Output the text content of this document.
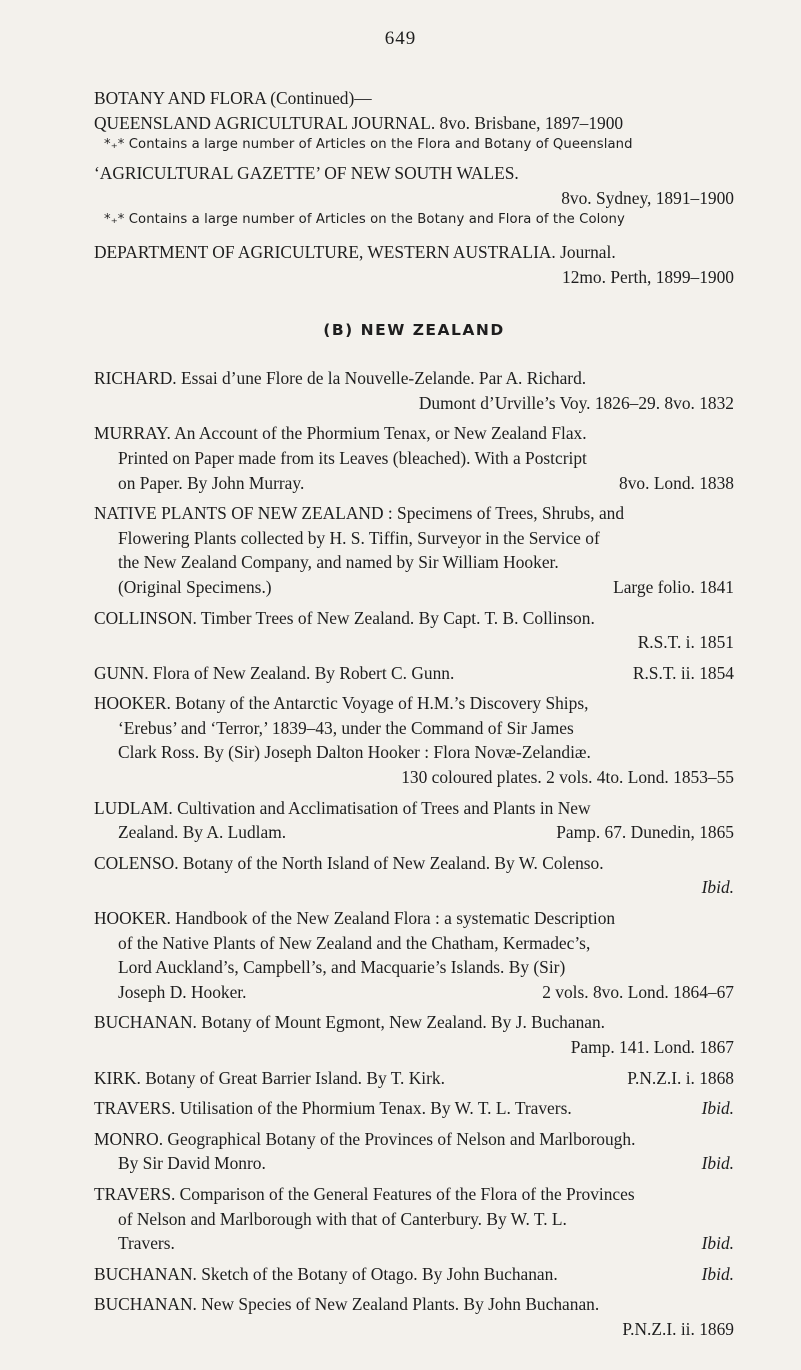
649
BOTANY AND FLORA (Continued)—
QUEENSLAND AGRICULTURAL JOURNAL. 8vo. Brisbane, 1897–1900
*₊* Contains a large number of Articles on the Flora and Botany of Queensland
‘AGRICULTURAL GAZETTE’ OF NEW SOUTH WALES.
8vo. Sydney, 1891–1900
*₊* Contains a large number of Articles on the Botany and Flora of the Colony
DEPARTMENT OF AGRICULTURE, WESTERN AUSTRALIA. Journal.
12mo. Perth, 1899–1900
(B) NEW ZEALAND
RICHARD. Essai d’une Flore de la Nouvelle-Zelande. Par A. Richard.
Dumont d’Urville’s Voy. 1826–29. 8vo. 1832
MURRAY. An Account of the Phormium Tenax, or New Zealand Flax.
Printed on Paper made from its Leaves (bleached). With a Postcript
on Paper. By John Murray.	8vo. Lond. 1838
NATIVE PLANTS OF NEW ZEALAND : Specimens of Trees, Shrubs, and
Flowering Plants collected by H. S. Tiffin, Surveyor in the Service of
the New Zealand Company, and named by Sir William Hooker.
(Original Specimens.)	Large folio. 1841
COLLINSON. Timber Trees of New Zealand. By Capt. T. B. Collinson.
R.S.T. i. 1851
GUNN. Flora of New Zealand. By Robert C. Gunn.	R.S.T. ii. 1854
HOOKER. Botany of the Antarctic Voyage of H.M.’s Discovery Ships,
‘Erebus’ and ‘Terror,’ 1839–43, under the Command of Sir James
Clark Ross. By (Sir) Joseph Dalton Hooker : Flora Novæ-Zelandiæ.
130 coloured plates. 2 vols. 4to. Lond. 1853–55
LUDLAM. Cultivation and Acclimatisation of Trees and Plants in New
Zealand. By A. Ludlam.	Pamp. 67. Dunedin, 1865
COLENSO. Botany of the North Island of New Zealand. By W. Colenso.
Ibid.
HOOKER. Handbook of the New Zealand Flora : a systematic Description
of the Native Plants of New Zealand and the Chatham, Kermadec’s,
Lord Auckland’s, Campbell’s, and Macquarie’s Islands. By (Sir)
Joseph D. Hooker.	2 vols. 8vo. Lond. 1864–67
BUCHANAN. Botany of Mount Egmont, New Zealand. By J. Buchanan.
Pamp. 141. Lond. 1867
KIRK. Botany of Great Barrier Island. By T. Kirk.	P.N.Z.I. i. 1868
TRAVERS. Utilisation of the Phormium Tenax. By W. T. L. Travers.	Ibid.
MONRO. Geographical Botany of the Provinces of Nelson and Marlborough.
By Sir David Monro.	Ibid.
TRAVERS. Comparison of the General Features of the Flora of the Provinces
of Nelson and Marlborough with that of Canterbury. By W. T. L.
Travers.	Ibid.
BUCHANAN. Sketch of the Botany of Otago. By John Buchanan.	Ibid.
BUCHANAN. New Species of New Zealand Plants. By John Buchanan.
P.N.Z.I. ii. 1869
